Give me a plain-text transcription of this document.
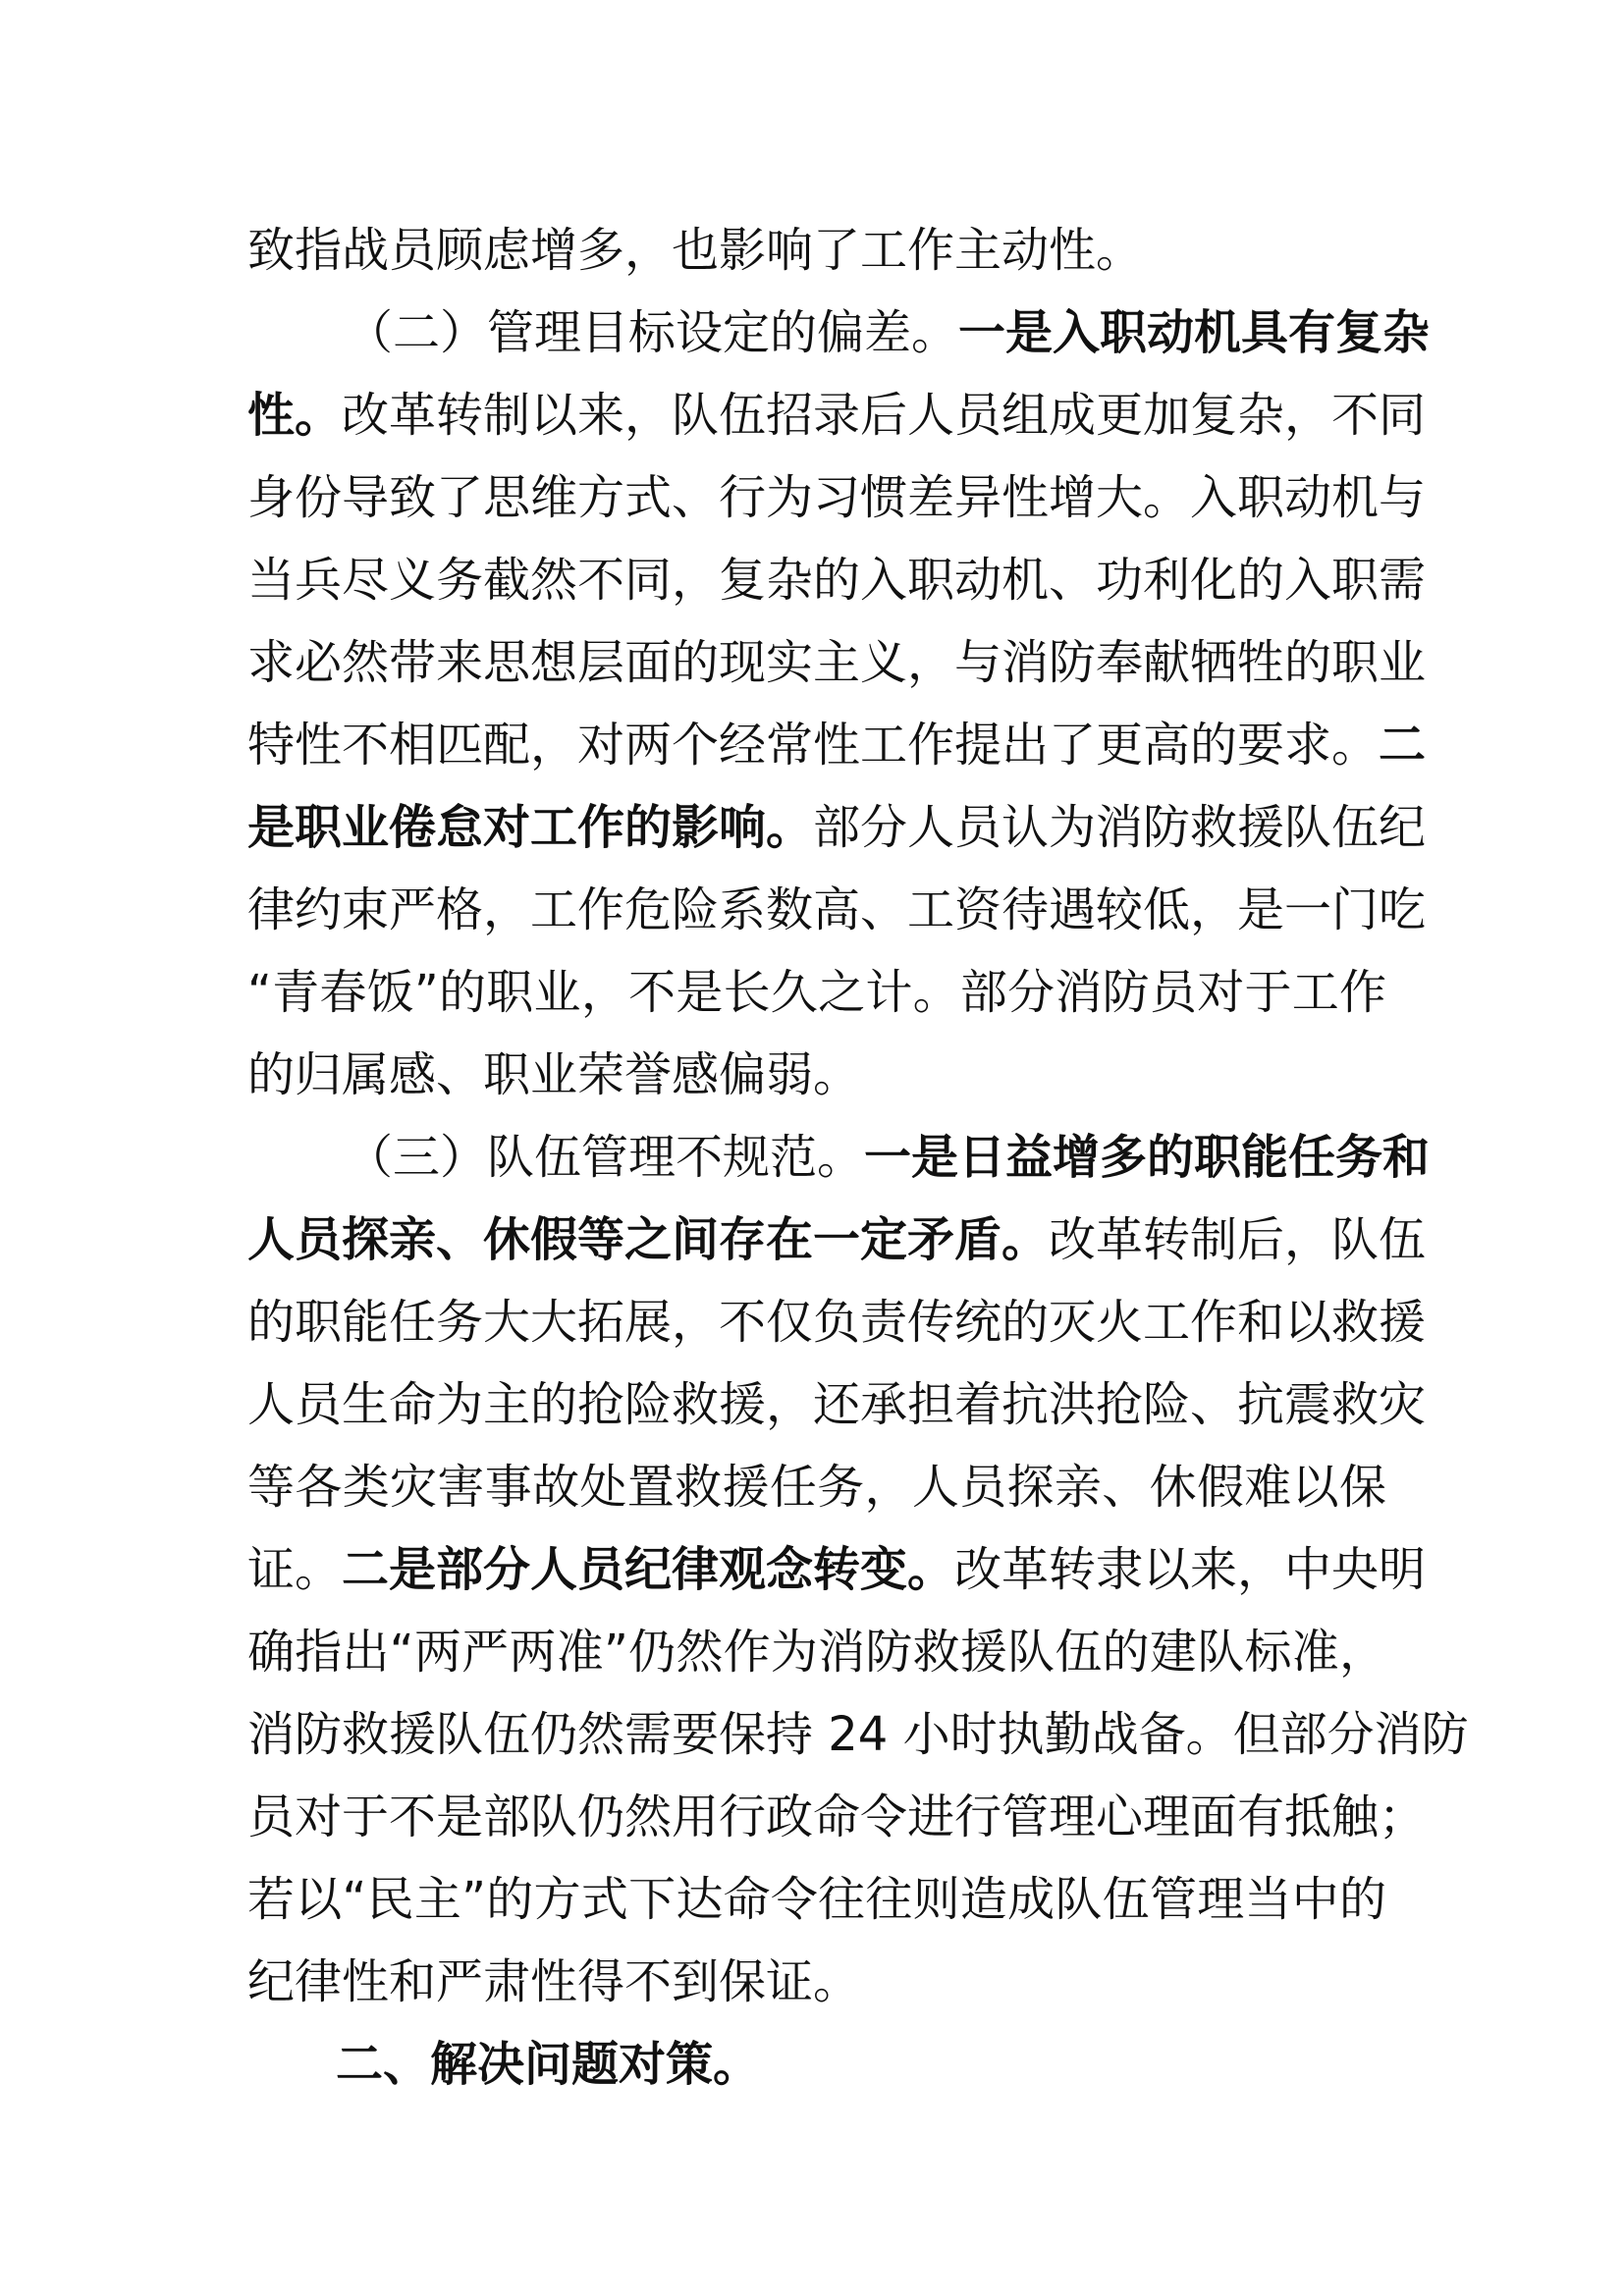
致指战员顾虑增多，也影响了工作主动性。
（二）管理目标设定的偏差。一是入职动机具有复杂
性。改革转制以来，队伍招录后人员组成更加复杂，不同
身份导致了思维方式、行为习惯差异性增大。入职动机与
当兵尽义务截然不同，复杂的入职动机、功利化的入职需
求必然带来思想层面的现实主义，与消防奉献牺牲的职业
特性不相匹配，对两个经常性工作提出了更高的要求。二
是职业倦怠对工作的影响。部分人员认为消防救援队伍纪
律约束严格，工作危险系数高、工资待遇较低，是一门吃
“青春饭”的职业，不是长久之计。部分消防员对于工作
的归属感、职业荣誉感偏弱。
（三）队伍管理不规范。一是日益增多的职能任务和
人员探亲、休假等之间存在一定矛盾。改革转制后，队伍
的职能任务大大拓展，不仅负责传统的灭火工作和以救援
人员生命为主的抢险救援，还承担着抗洪抢险、抗震救灾
等各类灾害事故处置救援任务，人员探亲、休假难以保
证。二是部分人员纪律观念转变。改革转隶以来，中央明
确指出“两严两准”仍然作为消防救援队伍的建队标准，
消防救援队伍仍然需要保持 24 小时执勤战备。但部分消防
员对于不是部队仍然用行政命令进行管理心理面有抵触；
若以“民主”的方式下达命令往往则造成队伍管理当中的
纪律性和严肃性得不到保证。
二、解决问题对策。
